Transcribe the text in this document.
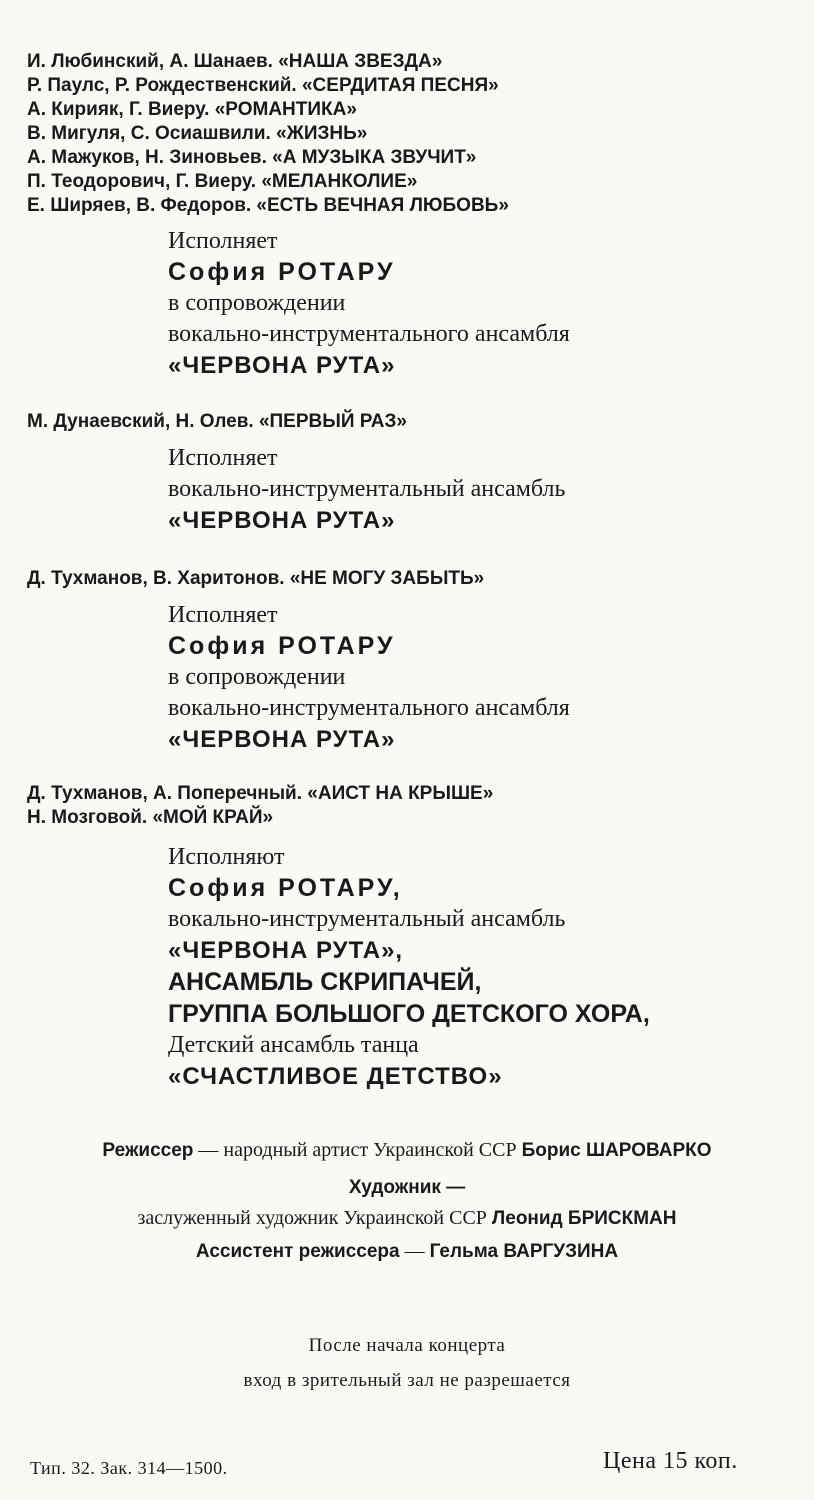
И. Любинский, А. Шанаев. «НАША ЗВЕЗДА»

Р. Паулс, Р. Рождественский. «СЕРДИТАЯ ПЕСНЯ»

А. Кирияк, Г. Виеру. «РОМАНТИКА»

В. Мигуля, С. Осиашвили. «ЖИЗНЬ»

А. Мажуков, Н. Зиновьев. «А МУЗЫКА ЗВУЧИТ»

П. Теодорович, Г. Виеру. «МЕЛАНКОЛИЕ»

Е. Ширяев, В. Федоров. «ЕСТЬ ВЕЧНАЯ ЛЮБОВЬ»

Исполняет

София РОТАРУ

в сопровождении

вокально-инструментального ансамбля

«ЧЕРВОНА РУТА»

М. Дунаевский, Н. Олев. «ПЕРВЫЙ РАЗ»

Исполняет

вокально-инструментальный ансамбль

«ЧЕРВОНА РУТА»

Д. Тухманов, В. Харитонов. «НЕ МОГУ ЗАБЫТЬ»

Исполняет

София РОТАРУ

в сопровождении

вокально-инструментального ансамбля

«ЧЕРВОНА РУТА»

Д. Тухманов, А. Поперечный. «АИСТ НА КРЫШЕ»

Н. Мозговой. «МОЙ КРАЙ»

Исполняют

София РОТАРУ,

вокально-инструментальный ансамбль

«ЧЕРВОНА РУТА»,

АНСАМБЛЬ СКРИПАЧЕЙ,

ГРУППА БОЛЬШОГО ДЕТСКОГО ХОРА,

Детский ансамбль танца

«СЧАСТЛИВОЕ ДЕТСТВО»

Режиссер — народный артист Украинской ССР Борис ШАРОВАРКО

Художник —

заслуженный художник Украинской ССР Леонид БРИСКМАН

Ассистент режиссера — Гельма ВАРГУЗИНА

После начала концерта

вход в зрительный зал не разрешается

Тип. 32. Зак. 314—1500.	Цена 15 коп.
